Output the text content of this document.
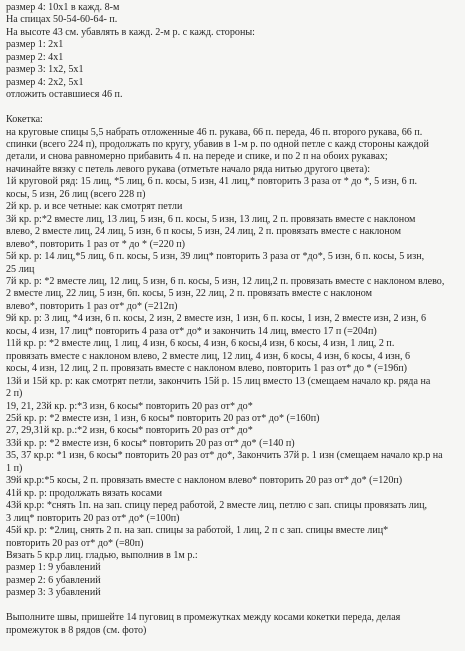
размер 4: 10х1 в кажд. 8-м
На спицах 50-54-60-64- п.
На высоте 43 см. убавлять в кажд. 2-м р. с кажд. стороны:
размер 1: 2х1
размер 2: 4х1
размер 3: 1х2, 5х1
размер 4: 2х2, 5х1
отложить оставшиеся 46 п.
Кокетка:
на круговые спицы 5,5 набрать отложенные 46 п. рукава, 66 п. переда, 46 п. второго рукава, 66 п.
спинки (всего 224 п), продолжать по кругу, убавив в 1-м р. по одной петле с кажд стороны каждой
детали, и снова равномерно прибавить 4 п. на переде и спике, и по 2 п на обоих рукавах;
начинайте вязку с петель левого рукава (отметьте начало ряда нитью другого цвета):
1й круговой ряд: 15 лиц, *5 лиц, 6 п. косы, 5 изн, 41 лиц,* повторить 3 раза от * до *, 5 изн, 6 п.
косы, 5 изн, 26 лиц (всего 228 п)
2й кр. р. и все четные: как смотрят петли
3й кр. р:*2 вместе лиц, 13 лиц, 5 изн, 6 п. косы, 5 изн, 13 лиц, 2 п. провязать вместе с наклоном
влево, 2 вместе лиц, 24 лиц, 5 изн, 6 п косы, 5 изн, 24 лиц, 2 п. провязать вместе с наклоном
влево*, повторить 1 раз от * до * (=220 п)
5й кр. р: 14 лиц,*5 лиц, 6 п. косы, 5 изн, 39 лиц* повторить 3 раза от *до*, 5 изн, 6 п. косы, 5 изн,
25 лиц
7й кр. р: *2 вместе лиц, 12 лиц, 5 изн, 6 п. косы, 5 изн, 12 лиц,2 п. провязать вместе с наклоном влево,
2 вместе лиц, 22 лиц, 5 изн, 6п. косы, 5 изн, 22 лиц, 2 п. провязать вместе с наклоном
влево*, повторить 1 раз от* до* (=212п)
9й кр. р: 3 лиц, *4 изн, 6 п. косы, 2 изн, 2 вместе изн, 1 изн, 6 п. косы, 1 изн, 2 вместе изн, 2 изн, 6
косы, 4 изн, 17 лиц* повторить 4 раза от* до* и закончить 14 лиц, вместо 17 п (=204п)
11й кр. р: *2 вместе лиц, 1 лиц, 4 изн, 6 косы, 4 изн, 6 косы,4 изн, 6 косы, 4 изн, 1 лиц, 2 п.
провязать вместе с наклоном влево, 2 вместе лиц, 12 лиц, 4 изн, 6 косы, 4 изн, 6 косы, 4 изн, 6
косы, 4 изн, 12 лиц, 2 п. провязать вместе с наклоном влево, повторить 1 раз от* до * (=196п)
13й и 15й кр. р: как смотрят петли, закончить 15й р. 15 лиц вместо 13 (смещаем начало кр. ряда на
2 п)
19, 21, 23й кр. р:*3 изн, 6 косы* повторить 20 раз от* до*
25й кр. р: *2 вместе изн, 1 изн, 6 косы* повторить 20 раз от* до* (=160п)
27, 29,31й кр. р.:*2 изн, 6 косы* повторить 20 раз от* до*
33й кр. р: *2 вместе изн, 6 косы* повторить 20 раз от* до* (=140 п)
35, 37 кр.р: *1 изн, 6 косы* повторить 20 раз от* до*, Закончить 37й р. 1 изн (смещаем начало кр.р на
1 п)
39й кр.р:*5 косы, 2 п. провязать вместе с наклоном влево* повторить 20 раз от* до* (=120п)
41й кр. р: продолжать вязать косами
43й кр.р: *снять 1п. на зап. спицу перед работой, 2 вместе лиц, петлю с зап. спицы провязать лиц,
3 лиц* повторить 20 раз от* до* (=100п)
45й кр. р: *2лиц, снять 2 п. на зап. спицы за работой, 1 лиц, 2 п с зап. спицы вместе лиц*
повторить 20 раз от* до* (=80п)
Вязать 5 кр.р лиц. гладью, выполнив в 1м р.:
размер 1: 9 убавлений
размер 2: 6 убавлений
размер 3: 3 убавлений
Выполните швы, пришейте 14 пуговиц в промежутках между косами кокетки переда, делая
промежуток в 8 рядов (см. фото)
